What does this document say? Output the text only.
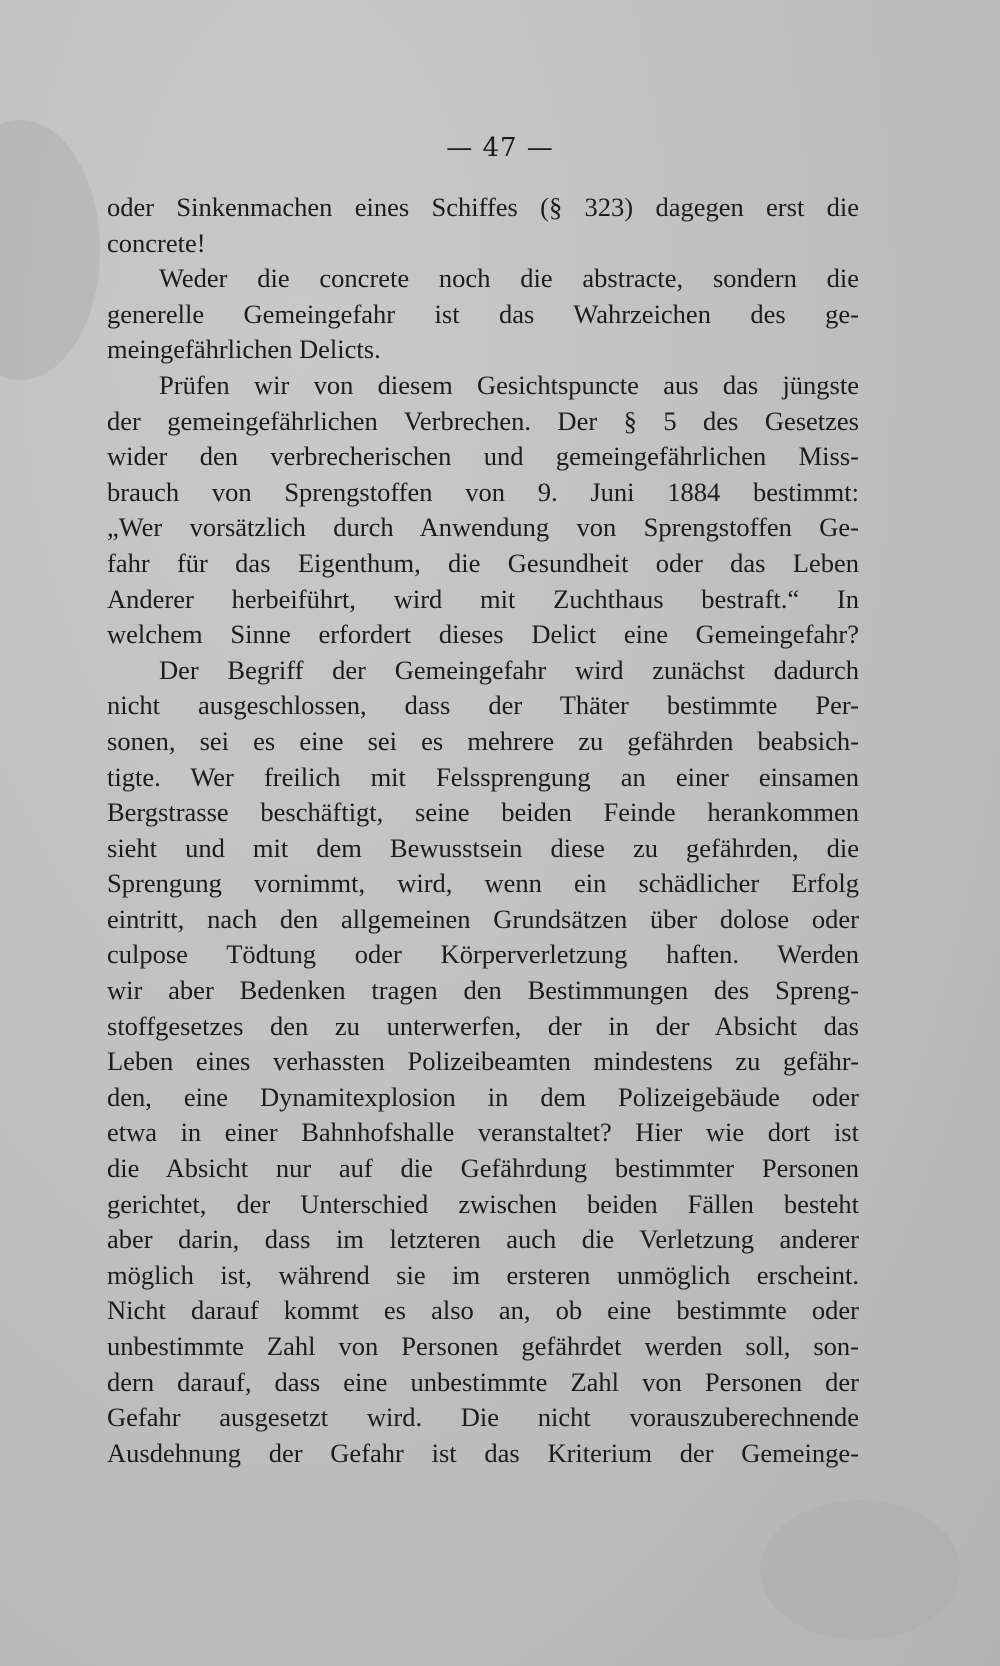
— 47 —
oder Sinkenmachen eines Schiffes (§ 323) dagegen erst die
concrete!
Weder die concrete noch die abstracte, sondern die
generelle Gemeingefahr ist das Wahrzeichen des ge-
meingefährlichen Delicts.
Prüfen wir von diesem Gesichtspuncte aus das jüngste
der gemeingefährlichen Verbrechen. Der § 5 des Gesetzes
wider den verbrecherischen und gemeingefährlichen Miss-
brauch von Sprengstoffen von 9. Juni 1884 bestimmt:
„Wer vorsätzlich durch Anwendung von Sprengstoffen Ge-
fahr für das Eigenthum, die Gesundheit oder das Leben
Anderer herbeiführt, wird mit Zuchthaus bestraft.“ In
welchem Sinne erfordert dieses Delict eine Gemeingefahr?
Der Begriff der Gemeingefahr wird zunächst dadurch
nicht ausgeschlossen, dass der Thäter bestimmte Per-
sonen, sei es eine sei es mehrere zu gefährden beabsich-
tigte. Wer freilich mit Felssprengung an einer einsamen
Bergstrasse beschäftigt, seine beiden Feinde herankommen
sieht und mit dem Bewusstsein diese zu gefährden, die
Sprengung vornimmt, wird, wenn ein schädlicher Erfolg
eintritt, nach den allgemeinen Grundsätzen über dolose oder
culpose Tödtung oder Körperverletzung haften. Werden
wir aber Bedenken tragen den Bestimmungen des Spreng-
stoffgesetzes den zu unterwerfen, der in der Absicht das
Leben eines verhassten Polizeibeamten mindestens zu gefähr-
den, eine Dynamitexplosion in dem Polizeigebäude oder
etwa in einer Bahnhofshalle veranstaltet? Hier wie dort ist
die Absicht nur auf die Gefährdung bestimmter Personen
gerichtet, der Unterschied zwischen beiden Fällen besteht
aber darin, dass im letzteren auch die Verletzung anderer
möglich ist, während sie im ersteren unmöglich erscheint.
Nicht darauf kommt es also an, ob eine bestimmte oder
unbestimmte Zahl von Personen gefährdet werden soll, son-
dern darauf, dass eine unbestimmte Zahl von Personen der
Gefahr ausgesetzt wird. Die nicht vorauszuberechnende
Ausdehnung der Gefahr ist das Kriterium der Gemeinge-
